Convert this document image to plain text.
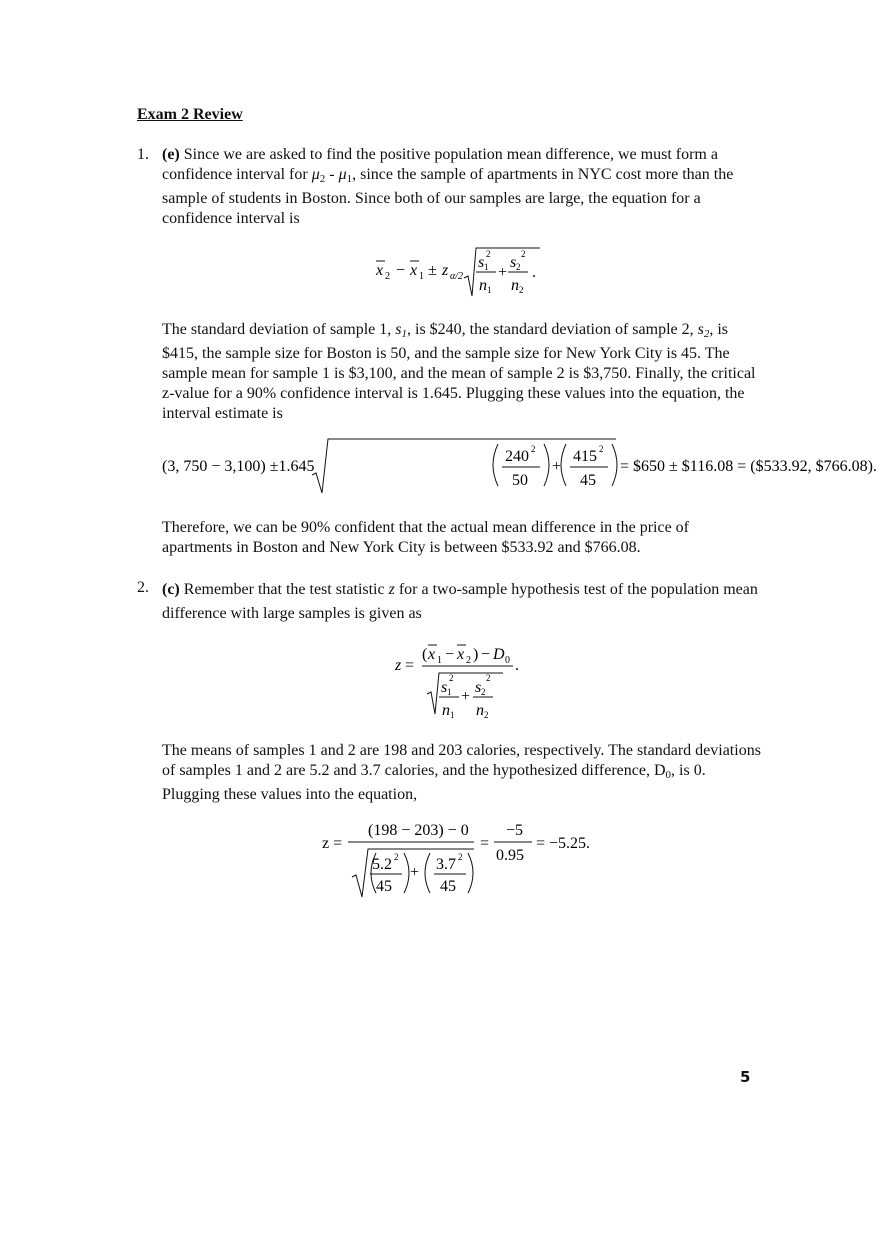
Exam 2 Review
1. (e) Since we are asked to find the positive population mean difference, we must form a confidence interval for $\mu_2 - \mu_1$, since the sample of apartments in NYC cost more than the sample of students in Boston. Since both of our samples are large, the equation for a confidence interval is
x 2 − x 1 ± z α/2
s 1
2
n 1
+
s 2
2
n 2
.
The standard deviation of sample 1, $s_1$, is $240, the standard deviation of sample 2, $s_2$, is $415, the sample size for Boston is 50, and the sample size for New York City is 45. The sample mean for sample 1 is $3,100, and the mean of sample 2 is $3,750. Finally, the critical z-value for a 90% confidence interval is 1.645. Plugging these values into the equation, the interval estimate is
(3, 750 − 3,100) ±1.645
240 2
50
+
415 2
45
= $650 ± $116.08 = ($533.92, $766.08).
Therefore, we can be 90% confident that the actual mean difference in the price of apartments in Boston and New York City is between $533.92 and $766.08.
2. (c) Remember that the test statistic z for a two-sample hypothesis test of the population mean difference with large samples is given as
z =
( x 1 − x 2 ) − D 0 .
s 1
2
n 1
+
s 2
2
n 2
The means of samples 1 and 2 are 198 and 203 calories, respectively. The standard deviations of samples 1 and 2 are 5.2 and 3.7 calories, and the hypothesized difference, $D_0$, is 0. Plugging these values into the equation,
z =
(198 − 203) − 0
5.2 2
45
+ 3.7 2
45
=
−5
0.95
= −5.25.
5
